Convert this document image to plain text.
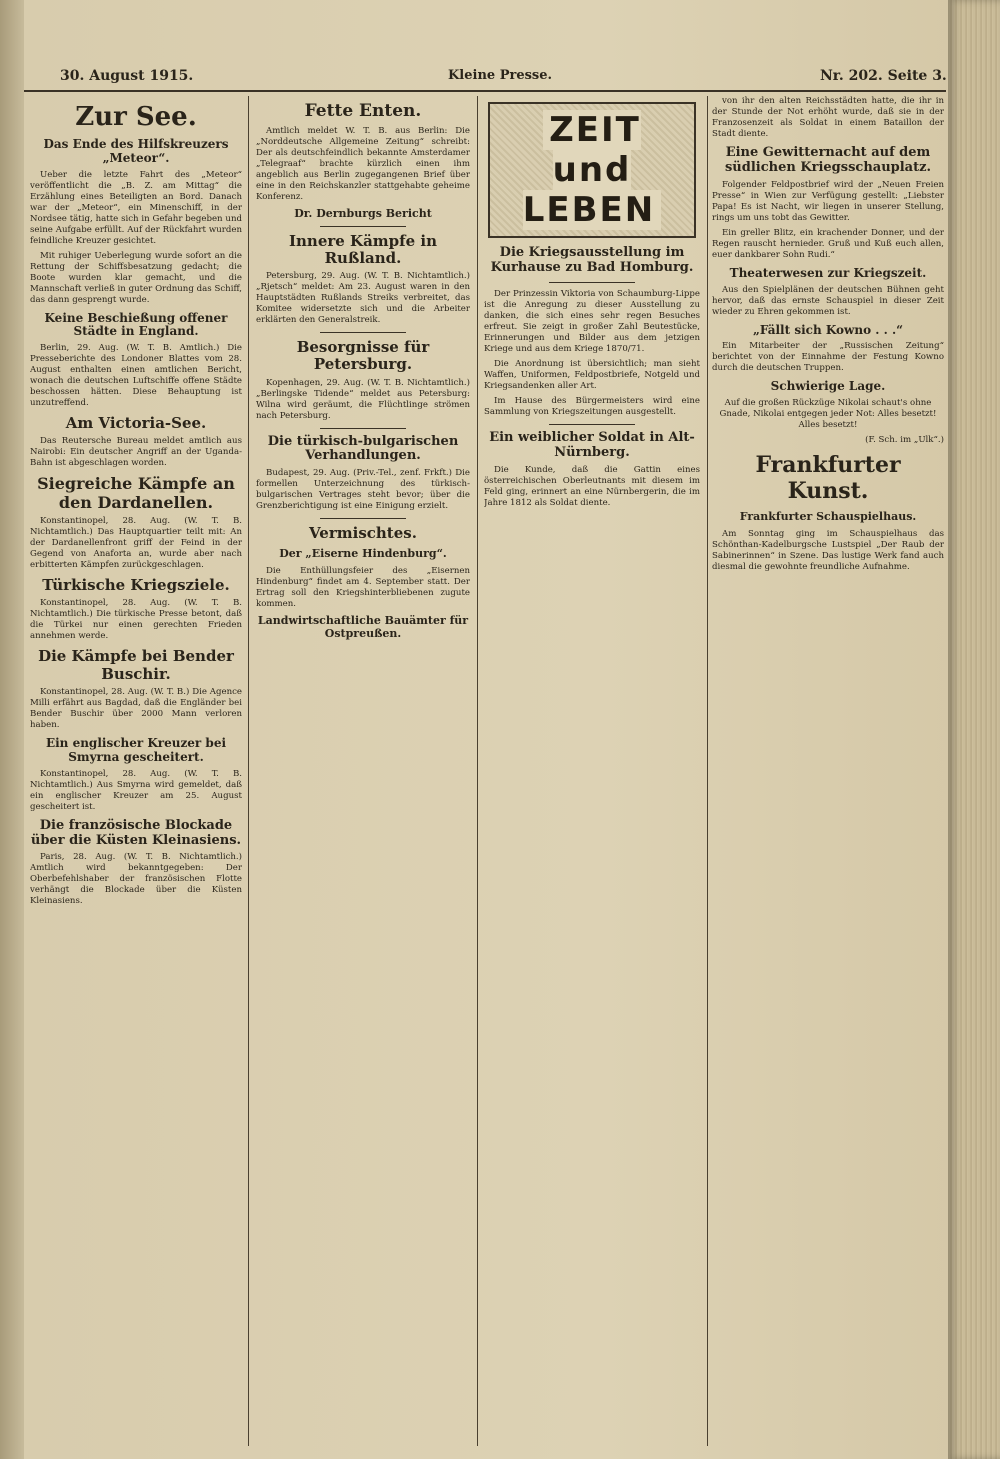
30. August 1915.	Kleine Presse.	Nr. 202. Seite 3.
Zur See.
Das Ende des Hilfskreuzers „Meteor“.

Ueber die letzte Fahrt des „Meteor“ veröffentlicht die „B. Z. am Mittag“ die Erzählung eines Beteiligten an Bord. Danach war der „Meteor“, ein Minenschiff, in der Nordsee tätig, hatte sich in Gefahr begeben und seine Aufgabe erfüllt. Auf der Rückfahrt wurden feindliche Kreuzer gesichtet.

Mit ruhiger Ueberlegung wurde sofort an die Rettung der Schiffsbesatzung gedacht; die Boote wurden klar gemacht, und die Mannschaft verließ in guter Ordnung das Schiff, das dann gesprengt wurde.

Keine Beschießung offener Städte in England.

Berlin, 29. Aug. (W. T. B. Amtlich.) Die Presseberichte des Londoner Blattes vom 28. August enthalten einen amtlichen Bericht, wonach die deutschen Luftschiffe offene Städte beschossen hätten. Diese Behauptung ist unzutreffend.

Am Victoria-See.

Das Reutersche Bureau meldet amtlich aus Nairobi: Ein deutscher Angriff an der Uganda-Bahn ist abgeschlagen worden.

Siegreiche Kämpfe an den Dardanellen.

Konstantinopel, 28. Aug. (W. T. B. Nichtamtlich.) Das Hauptquartier teilt mit: An der Dardanellenfront griff der Feind in der Gegend von Anaforta an, wurde aber nach erbitterten Kämpfen zurückgeschlagen.

Türkische Kriegsziele.

Konstantinopel, 28. Aug. (W. T. B. Nichtamtlich.) Die türkische Presse betont, daß die Türkei nur einen gerechten Frieden annehmen werde.

Die Kämpfe bei Bender Buschir.

Konstantinopel, 28. Aug. (W. T. B.) Die Agence Milli erfährt aus Bagdad, daß die Engländer bei Bender Buschir über 2000 Mann verloren haben.

Ein englischer Kreuzer bei Smyrna gescheitert.

Konstantinopel, 28. Aug. (W. T. B. Nichtamtlich.) Aus Smyrna wird gemeldet, daß ein englischer Kreuzer am 25. August gescheitert ist.

Die französische Blockade über die Küsten Kleinasiens.

Paris, 28. Aug. (W. T. B. Nichtamtlich.) Amtlich wird bekanntgegeben: Der Oberbefehlshaber der französischen Flotte verhängt die Blockade über die Küsten Kleinasiens.

Fette Enten.

Amtlich meldet W. T. B. aus Berlin: Die „Norddeutsche Allgemeine Zeitung“ schreibt: Der als deutschfeindlich bekannte Amsterdamer „Telegraaf“ brachte kürzlich einen ihm angeblich aus Berlin zugegangenen Brief über eine in den Reichskanzler stattgehabte geheime Konferenz.

Dr. Dernburgs Bericht
Innere Kämpfe in Rußland.

Petersburg, 29. Aug. (W. T. B. Nichtamtlich.) „Rjetsch“ meldet: Am 23. August waren in den Hauptstädten Rußlands Streiks verbreitet, das Komitee widersetzte sich und die Arbeiter erklärten den Generalstreik.

Besorgnisse für Petersburg.

Kopenhagen, 29. Aug. (W. T. B. Nichtamtlich.) „Berlingske Tidende“ meldet aus Petersburg: Wilna wird geräumt, die Flüchtlinge strömen nach Petersburg.

Die türkisch-bulgarischen Verhandlungen.

Budapest, 29. Aug. (Priv.-Tel., zenf. Frkft.) Die formellen Unterzeichnung des türkisch-bulgarischen Vertrages steht bevor; über die Grenzberichtigung ist eine Einigung erzielt.

Vermischtes.
Der „Eiserne Hindenburg“.

Die Enthüllungsfeier des „Eisernen Hindenburg“ findet am 4. September statt. Der Ertrag soll den Kriegshinterbliebenen zugute kommen.

Landwirtschaftliche Bauämter für Ostpreußen.
ZEIT und LEBEN
Die Kriegsausstellung im Kurhause zu Bad Homburg.

Der Prinzessin Viktoria von Schaumburg-Lippe ist die Anregung zu dieser Ausstellung zu danken, die sich eines sehr regen Besuches erfreut. Sie zeigt in großer Zahl Beutestücke, Erinnerungen und Bilder aus dem jetzigen Kriege und aus dem Kriege 1870/71.

Die Anordnung ist übersichtlich; man sieht Waffen, Uniformen, Feldpostbriefe, Notgeld und Kriegsandenken aller Art.

Im Hause des Bürgermeisters wird eine Sammlung von Kriegszeitungen ausgestellt.

Ein weiblicher Soldat in Alt-Nürnberg.

Die Kunde, daß die Gattin eines österreichischen Oberleutnants mit diesem im Feld ging, erinnert an eine Nürnbergerin, die im Jahre 1812 als Soldat diente.

von ihr den alten Reichsstädten hatte, die ihr in der Stunde der Not erhöht wurde, daß sie in der Franzosenzeit als Soldat in einem Bataillon der Stadt diente.

Eine Gewitternacht auf dem südlichen Kriegsschauplatz.

Folgender Feldpostbrief wird der „Neuen Freien Presse“ in Wien zur Verfügung gestellt: „Liebster Papa! Es ist Nacht, wir liegen in unserer Stellung, rings um uns tobt das Gewitter.

Ein greller Blitz, ein krachender Donner, und der Regen rauscht hernieder. Gruß und Kuß euch allen, euer dankbarer Sohn Rudi.“

Theaterwesen zur Kriegszeit.

Aus den Spielplänen der deutschen Bühnen geht hervor, daß das ernste Schauspiel in dieser Zeit wieder zu Ehren gekommen ist.

„Fällt sich Kowno . . .“

Ein Mitarbeiter der „Russischen Zeitung“ berichtet von der Einnahme der Festung Kowno durch die deutschen Truppen.

Schwierige Lage.

Auf die großen Rückzüge Nikolai schaut's ohne Gnade, Nikolai entgegen jeder Not: Alles besetzt! Alles besetzt!

(F. Sch. im „Ulk“.)

Frankfurter Kunst.
Frankfurter Schauspielhaus.

Am Sonntag ging im Schauspielhaus das Schönthan-Kadelburgsche Lustspiel „Der Raub der Sabinerinnen“ in Szene. Das lustige Werk fand auch diesmal die gewohnte freundliche Aufnahme.
